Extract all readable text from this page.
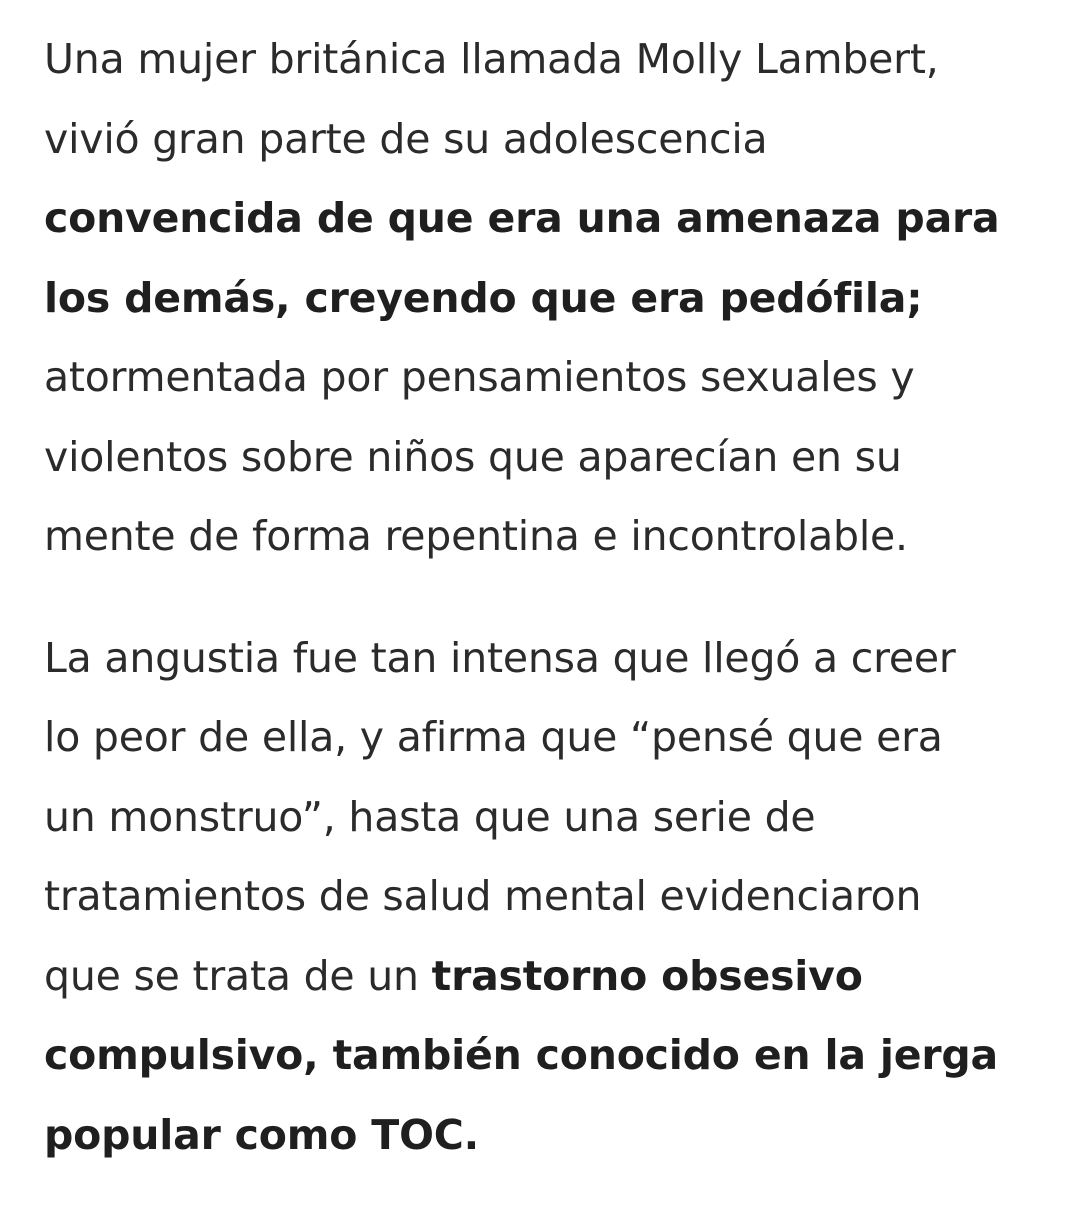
Una mujer británica llamada Molly Lambert,
vivió gran parte de su adolescencia
convencida de que era una amenaza para
los demás, creyendo que era pedófila;
atormentada por pensamientos sexuales y
violentos sobre niños que aparecían en su
mente de forma repentina e incontrolable.

La angustia fue tan intensa que llegó a creer
lo peor de ella, y afirma que “pensé que era
un monstruo”, hasta que una serie de
tratamientos de salud mental evidenciaron
que se trata de un trastorno obsesivo
compulsivo, también conocido en la jerga
popular como TOC.
